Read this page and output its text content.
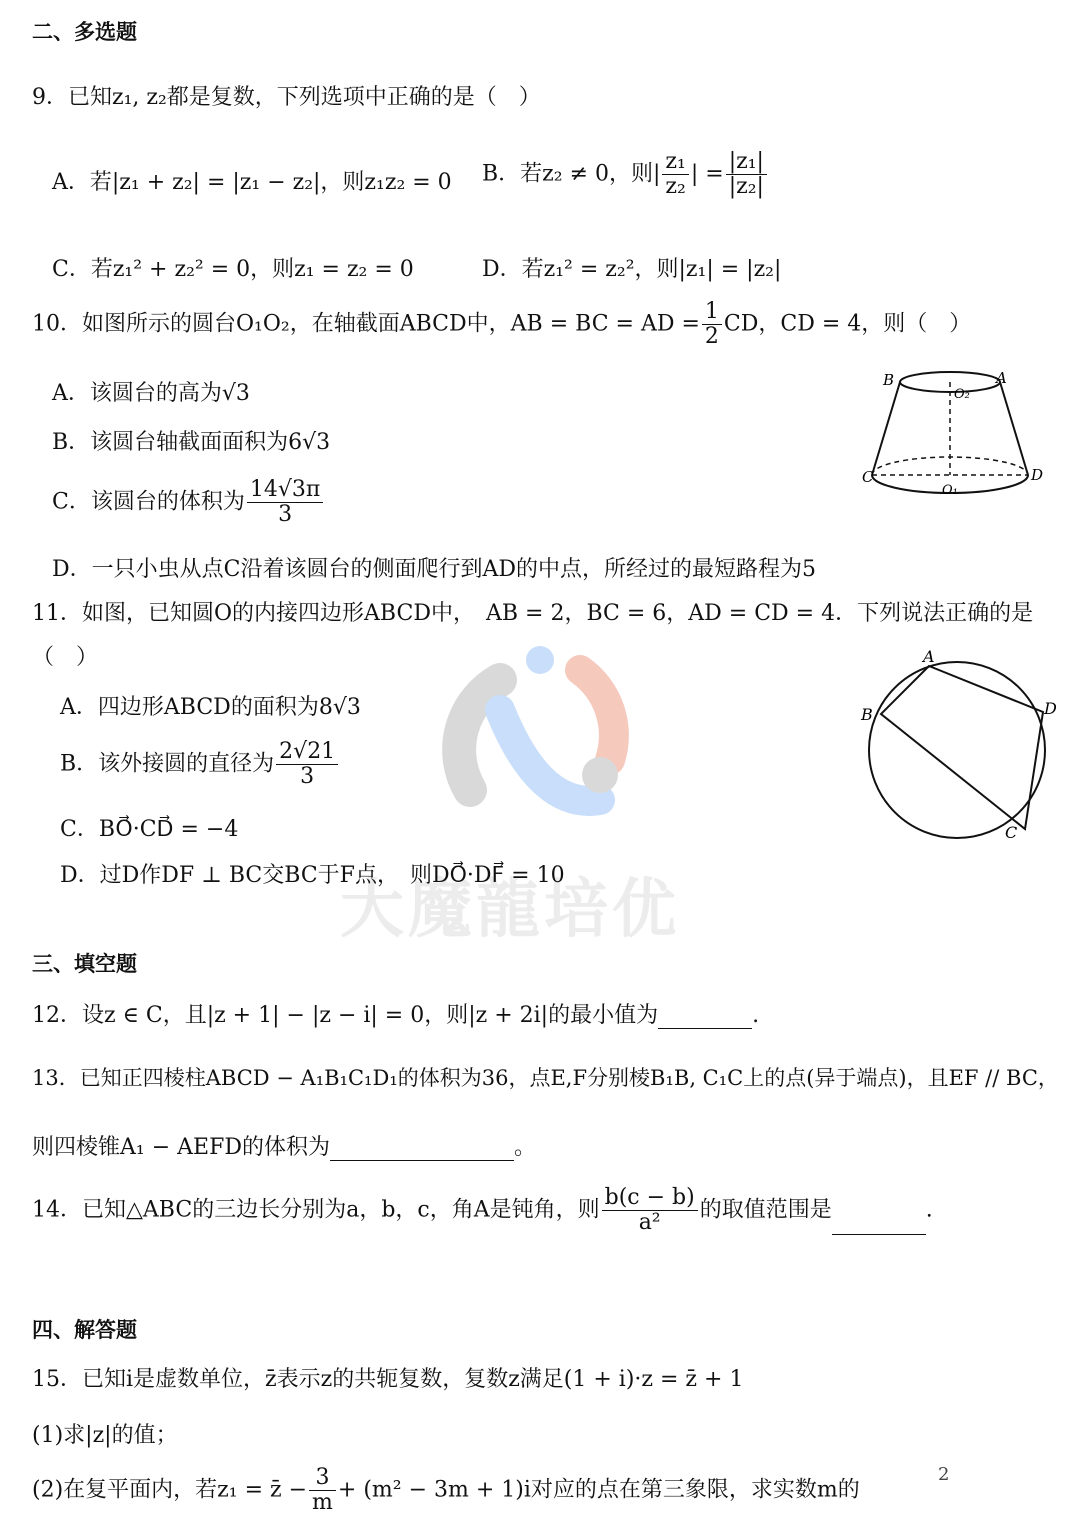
大魔龍培优
二、多选题
9．已知z₁, z₂都是复数，下列选项中正确的是（　）
A．若|z₁ + z₂| = |z₁ − z₂|，则z₁z₂ = 0 B．若z₂ ≠ 0，则| $\frac{\text{z₁}}{\text{z₂}}$ | = $\frac{\text{|z₁|}}{\text{|z₂|}}$
C．若z₁² + z₂² = 0，则z₁ = z₂ = 0	D．若z₁² = z₂²，则|z₁| = |z₂|
10．如图所示的圆台O₁O₂，在轴截面ABCD中，AB = BC = AD = $\frac{1}{2}$ CD，CD = 4，则（　）
A．该圆台的高为√3
B．该圆台轴截面面积为6√3
C．该圆台的体积为 $\frac{14√3\pi}{3}$
D．一只小虫从点C沿着该圆台的侧面爬行到AD的中点，所经过的最短路程为5
B	A
O₂
C	D
O₁
11．如图，已知圆O的内接四边形ABCD中，　AB = 2，BC = 6，AD = CD = 4．下列说法正确的是
（　）
A．四边形ABCD的面积为8√3
B．该外接圆的直径为 $\frac{2√21}{3}$
C．BO⃗·CD⃗ = −4
D．过D作DF ⊥ BC交BC于F点，　则DO⃗·DF⃗ = 10
A
B
C
D
三、填空题
12．设z ∈ C，且|z + 1| − |z − i| = 0，则|z + 2i|的最小值为	.
13．已知正四棱柱ABCD − A₁B₁C₁D₁的体积为36，点E,F分别棱B₁B, C₁C上的点(异于端点)，且EF // BC，
则四棱锥A₁ − AEFD的体积为	。
14．已知△ABC的三边长分别为a，b，c，角A是钝角，则 $\frac{b(c - b)}{\text{a²}}$ 的取值范围是	.
四、解答题
15．已知i是虚数单位，z̄表示z的共轭复数，复数z满足(1 + i)·z = z̄ + 1
(1)求|z|的值；
(2)在复平面内，若z₁ = z̄ − $\frac{3}{m} + (m^2 - 3m + 1)i$对应的点在第三象限，求实数m的
2
